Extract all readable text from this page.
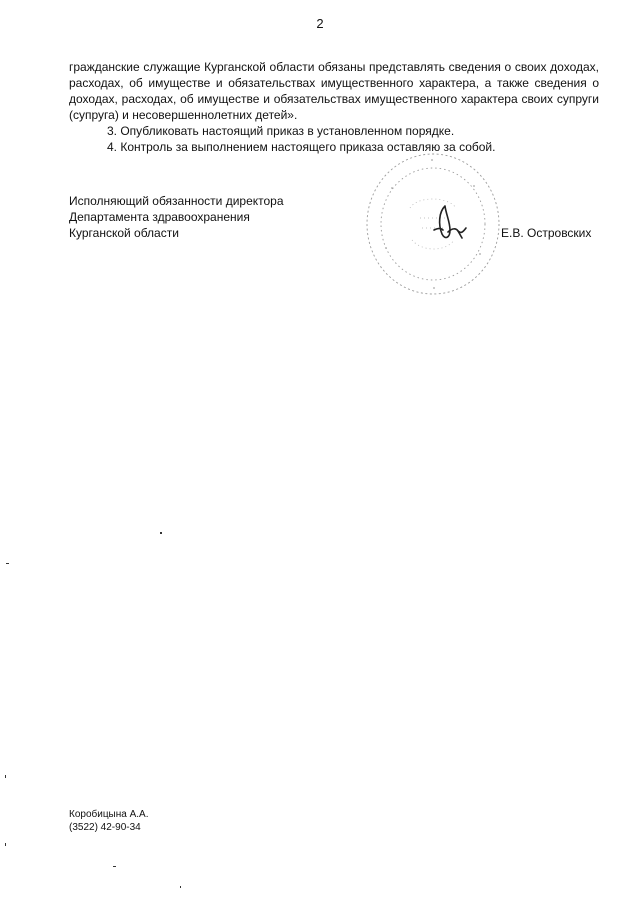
2

гражданские служащие Курганской области обязаны представлять сведения о своих доходах, расходах, об имуществе и обязательствах имущественного характера, а также сведения о доходах, расходах, об имуществе и обязательствах имущественного характера своих супруги (супруга) и несовершеннолетних детей».

3. Опубликовать настоящий приказ в установленном порядке.

4. Контроль за выполнением настоящего приказа оставляю за собой.

Исполняющий обязанности директора
Департамента здравоохранения
Курганской области	Е.В. Островских
Коробицына А.А.
(3522) 42-90-34
